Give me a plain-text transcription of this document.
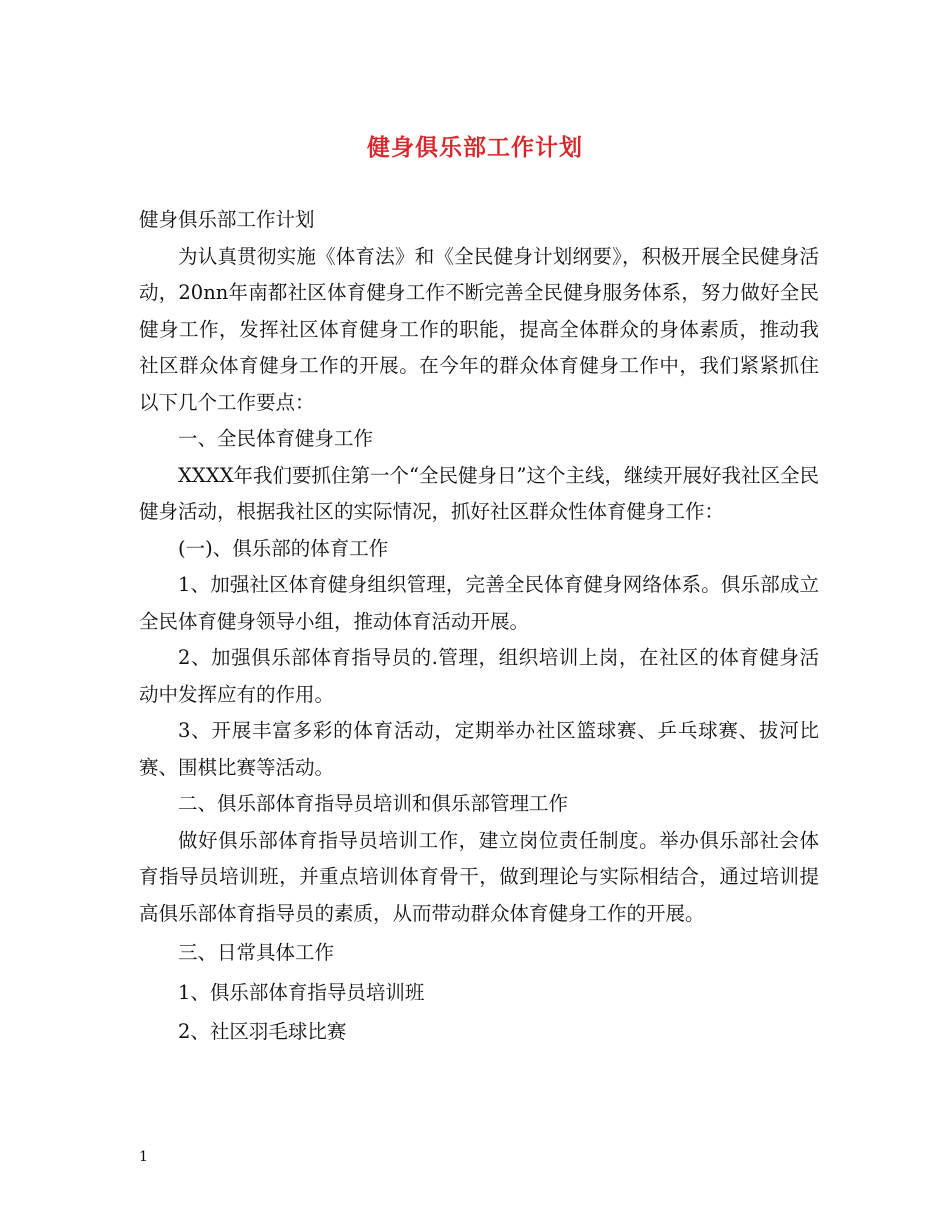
健身俱乐部工作计划

健身俱乐部工作计划

为认真贯彻实施《体育法》和《全民健身计划纲要》，积极开展全民健身活动，20nn年南都社区体育健身工作不断完善全民健身服务体系，努力做好全民健身工作，发挥社区体育健身工作的职能，提高全体群众的身体素质，推动我社区群众体育健身工作的开展。在今年的群众体育健身工作中，我们紧紧抓住以下几个工作要点：

一、全民体育健身工作

XXXX年我们要抓住第一个“全民健身日”这个主线，继续开展好我社区全民健身活动，根据我社区的实际情况，抓好社区群众性体育健身工作：

(一)、俱乐部的体育工作

1、加强社区体育健身组织管理，完善全民体育健身网络体系。俱乐部成立全民体育健身领导小组，推动体育活动开展。

2、加强俱乐部体育指导员的.管理，组织培训上岗，在社区的体育健身活动中发挥应有的作用。

3、开展丰富多彩的体育活动，定期举办社区篮球赛、乒乓球赛、拔河比赛、围棋比赛等活动。

二、俱乐部体育指导员培训和俱乐部管理工作

做好俱乐部体育指导员培训工作，建立岗位责任制度。举办俱乐部社会体育指导员培训班，并重点培训体育骨干，做到理论与实际相结合，通过培训提高俱乐部体育指导员的素质，从而带动群众体育健身工作的开展。

三、日常具体工作

1、俱乐部体育指导员培训班

2、社区羽毛球比赛

1
